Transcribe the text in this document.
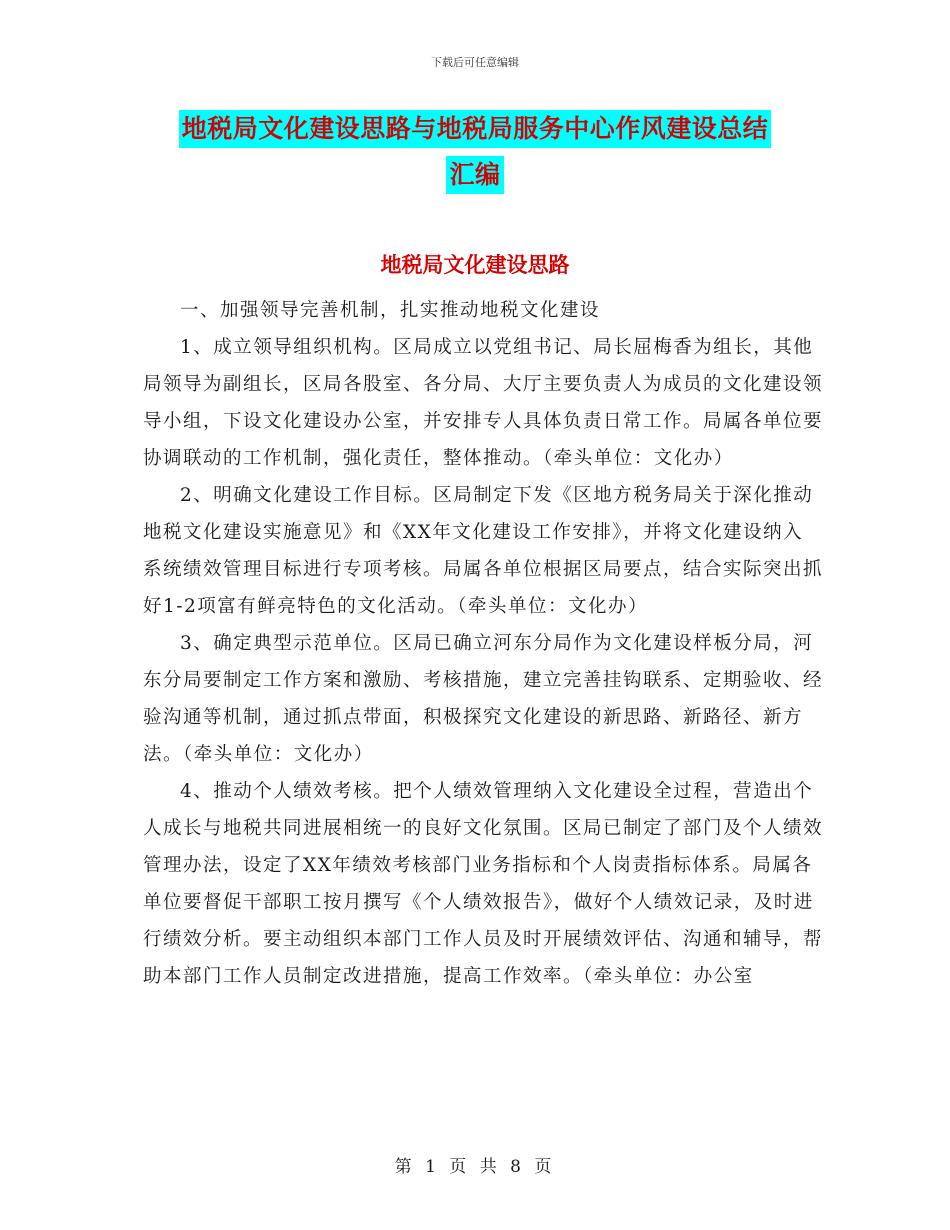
下载后可任意编辑
地税局文化建设思路与地税局服务中心作风建设总结
汇编
地税局文化建设思路

一、加强领导完善机制，扎实推动地税文化建设

1、成立领导组织机构。区局成立以党组书记、局长屈梅香为组长，其他局领导为副组长，区局各股室、各分局、大厅主要负责人为成员的文化建设领导小组，下设文化建设办公室，并安排专人具体负责日常工作。局属各单位要协调联动的工作机制，强化责任，整体推动。（牵头单位：文化办）

2、明确文化建设工作目标。区局制定下发《区地方税务局关于深化推动地税文化建设实施意见》和《XX年文化建设工作安排》，并将文化建设纳入系统绩效管理目标进行专项考核。局属各单位根据区局要点，结合实际突出抓好1-2项富有鲜亮特色的文化活动。（牵头单位：文化办）

3、确定典型示范单位。区局已确立河东分局作为文化建设样板分局，河东分局要制定工作方案和激励、考核措施，建立完善挂钩联系、定期验收、经验沟通等机制，通过抓点带面，积极探究文化建设的新思路、新路径、新方法。（牵头单位：文化办）

4、推动个人绩效考核。把个人绩效管理纳入文化建设全过程，营造出个人成长与地税共同进展相统一的良好文化氛围。区局已制定了部门及个人绩效管理办法，设定了XX年绩效考核部门业务指标和个人岗责指标体系。局属各单位要督促干部职工按月撰写《个人绩效报告》，做好个人绩效记录，及时进行绩效分析。要主动组织本部门工作人员及时开展绩效评估、沟通和辅导，帮助本部门工作人员制定改进措施，提高工作效率。（牵头单位：办公室

第 1 页 共 8 页
